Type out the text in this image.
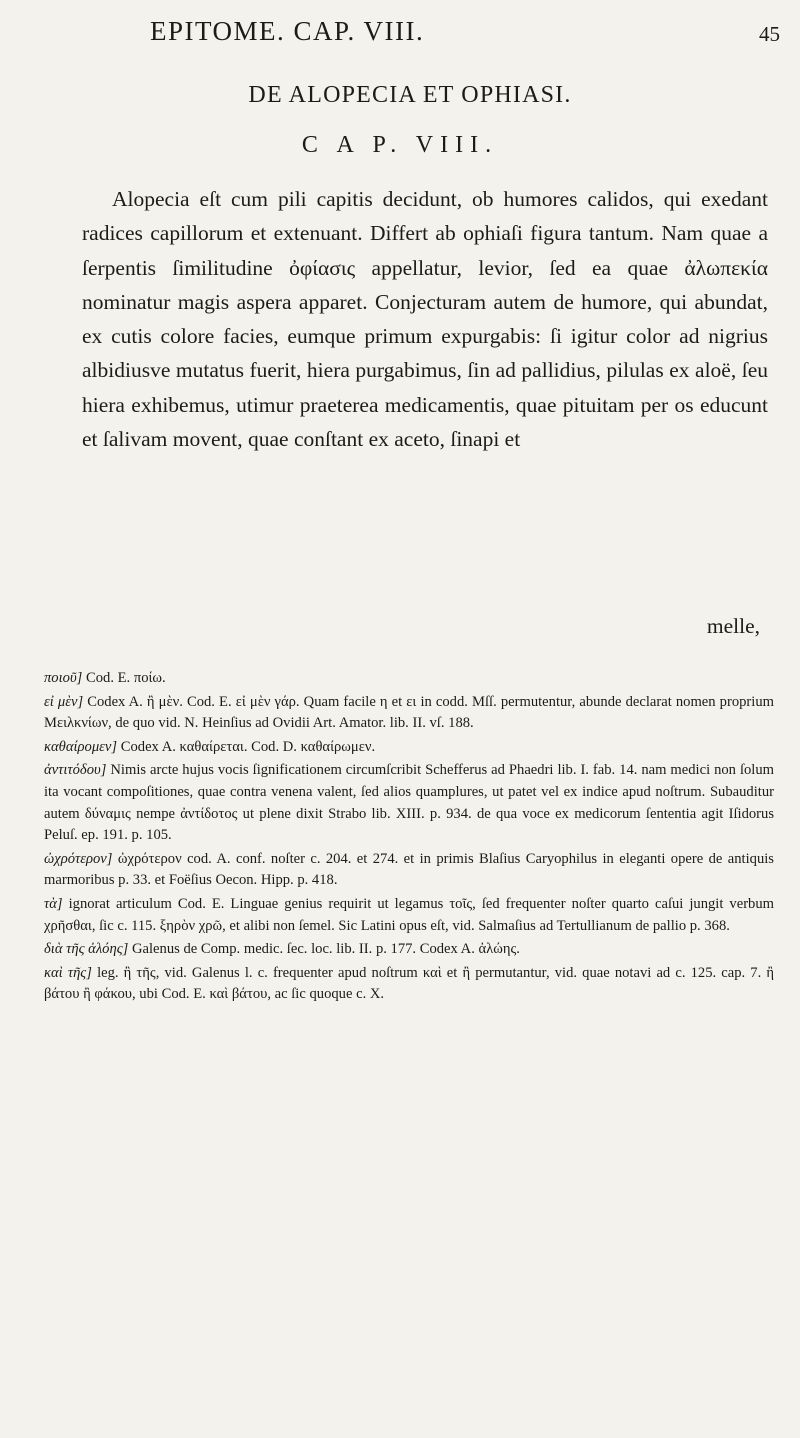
EPITOME. CAP. VIII.	45
DE ALOPECIA ET OPHIASI.
C A P. VIII.

Alopecia eſt cum pili capitis decidunt, ob humores calidos, qui exedant radices capillorum et extenuant. Differt ab ophiaſi figura tantum. Nam quae a ſerpentis ſimilitudine ὀφίασις appellatur, levior, ſed ea quae ἀλωπεκία nominatur magis aspera apparet. Conjecturam autem de humore, qui abundat, ex cutis colore facies, eumque primum expurgabis: ſi igitur color ad nigrius albidiusve mutatus fuerit, hiera purgabimus, ſin ad pallidius, pilulas ex aloë, ſeu hiera exhibemus, utimur praeterea medicamentis, quae pituitam per os educunt et ſalivam movent, quae conſtant ex aceto, ſinapi et

melle,

ποιοῦ] Cod. E. ποίω.

εἰ μὲν] Codex A. ἢ μὲν. Cod. E. εἰ μὲν γάρ. Quam facile η et ει in codd. Mſſ. permutentur, abunde declarat nomen proprium Μειλκνίων, de quo vid. N. Heinſius ad Ovidii Art. Amator. lib. II. vſ. 188.

καθαίρομεν] Codex A. καθαίρεται. Cod. D. καθαίρωμεν.

ἀντιτόδου] Nimis arcte hujus vocis ſignificationem circumſcribit Schefferus ad Phaedri lib. I. fab. 14. nam medici non ſolum ita vocant compoſitiones, quae contra venena valent, ſed alios quamplures, ut patet vel ex indice apud noſtrum. Subauditur autem δύναμις nempe ἀντίδοτος ut plene dixit Strabo lib. XIII. p. 934. de qua voce ex medicorum ſententia agit Iſidorus Peluſ. ep. 191. p. 105.

ὠχρότερον] ὠχρότερον cod. A. conf. noſter c. 204. et 274. et in primis Blaſius Caryophilus in eleganti opere de antiquis marmoribus p. 33. et Foëſius Oecon. Hipp. p. 418.

τὰ] ignorat articulum Cod. E. Linguae genius requirit ut legamus τοῖς, ſed frequenter noſter quarto caſui jungit verbum χρῆσθαι, ſic c. 115. ξηρὸν χρῶ, et alibi non ſemel. Sic Latini opus eſt, vid. Salmaſius ad Tertullianum de pallio p. 368.

διὰ τῆς ἀλόης] Galenus de Comp. medic. ſec. loc. lib. II. p. 177. Codex A. ἀλώης.

καὶ τῆς] leg. ἢ τῆς, vid. Galenus l. c. frequenter apud noſtrum καὶ et ἢ permutantur, vid. quae notavi ad c. 125. cap. 7. ἢ βάτου ἢ φάκου, ubi Cod. E. καὶ βάτου, ac ſic quoque c. X.
